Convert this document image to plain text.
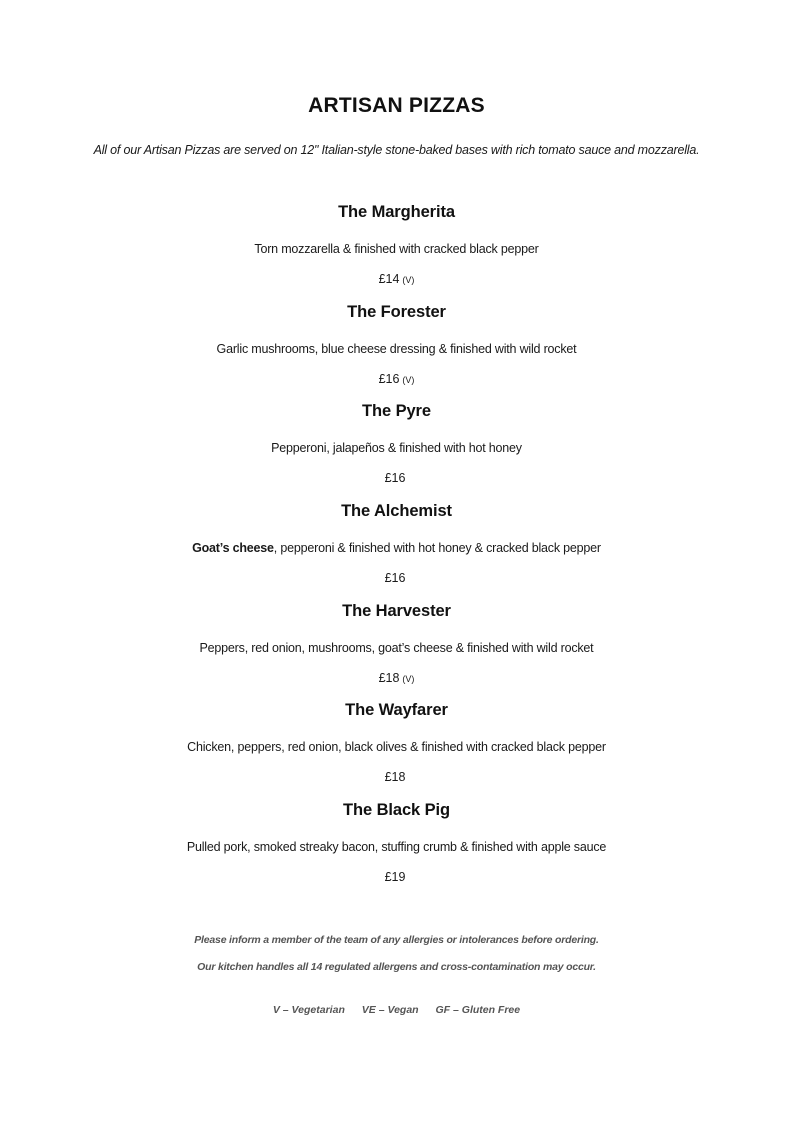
ARTISAN PIZZAS

All of our Artisan Pizzas are served on 12" Italian-style stone-baked bases with rich tomato sauce and mozzarella.

The Margherita

Torn mozzarella & finished with cracked black pepper

£14 (V)

The Forester

Garlic mushrooms, blue cheese dressing & finished with wild rocket

£16 (V)

The Pyre

Pepperoni, jalapeños & finished with hot honey

£16

The Alchemist

Goat’s cheese, pepperoni & finished with hot honey & cracked black pepper

£16

The Harvester

Peppers, red onion, mushrooms, goat’s cheese & finished with wild rocket

£18 (V)

The Wayfarer

Chicken, peppers, red onion, black olives & finished with cracked black pepper

£18

The Black Pig

Pulled pork, smoked streaky bacon, stuffing crumb & finished with apple sauce

£19

Please inform a member of the team of any allergies or intolerances before ordering.

Our kitchen handles all 14 regulated allergens and cross-contamination may occur.

V – Vegetarian VE – Vegan GF – Gluten Free
